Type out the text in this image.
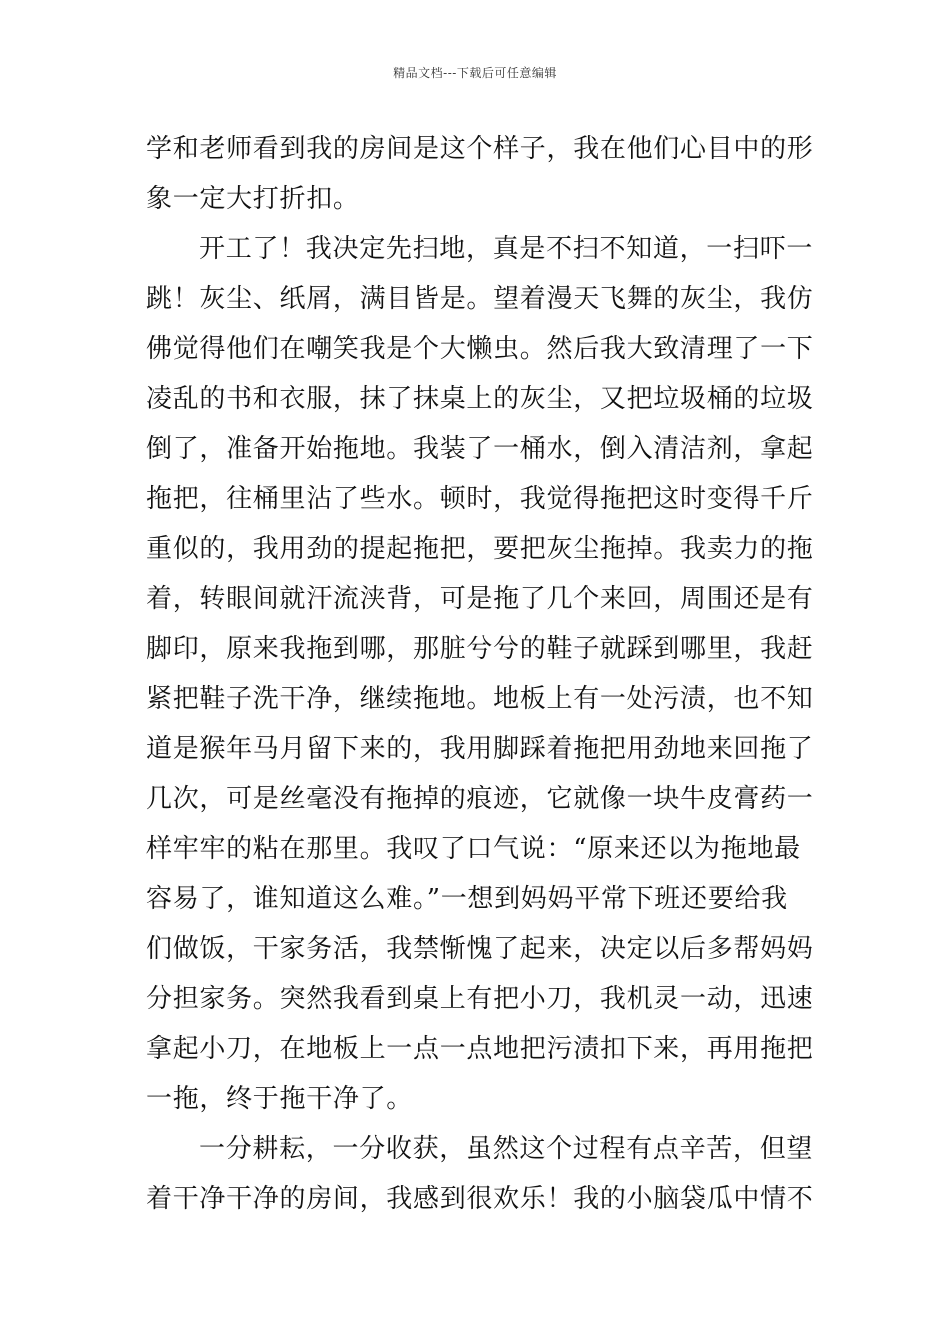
精品文档---下载后可任意编辑
学和老师看到我的房间是这个样子，我在他们心目中的形
象一定大打折扣。
开工了！我决定先扫地，真是不扫不知道，一扫吓一
跳！灰尘、纸屑，满目皆是。望着漫天飞舞的灰尘，我仿
佛觉得他们在嘲笑我是个大懒虫。然后我大致清理了一下
凌乱的书和衣服，抹了抹桌上的灰尘，又把垃圾桶的垃圾
倒了，准备开始拖地。我装了一桶水，倒入清洁剂，拿起
拖把，往桶里沾了些水。顿时，我觉得拖把这时变得千斤
重似的，我用劲的提起拖把，要把灰尘拖掉。我卖力的拖
着，转眼间就汗流浃背，可是拖了几个来回，周围还是有
脚印，原来我拖到哪，那脏兮兮的鞋子就踩到哪里，我赶
紧把鞋子洗干净，继续拖地。地板上有一处污渍，也不知
道是猴年马月留下来的，我用脚踩着拖把用劲地来回拖了
几次，可是丝毫没有拖掉的痕迹，它就像一块牛皮膏药一
样牢牢的粘在那里。我叹了口气说：“原来还以为拖地最
容易了，谁知道这么难。”一想到妈妈平常下班还要给我
们做饭，干家务活，我禁惭愧了起来，决定以后多帮妈妈
分担家务。突然我看到桌上有把小刀，我机灵一动，迅速
拿起小刀，在地板上一点一点地把污渍扣下来，再用拖把
一拖，终于拖干净了。
一分耕耘，一分收获，虽然这个过程有点辛苦，但望
着干净干净的房间，我感到很欢乐！我的小脑袋瓜中情不
